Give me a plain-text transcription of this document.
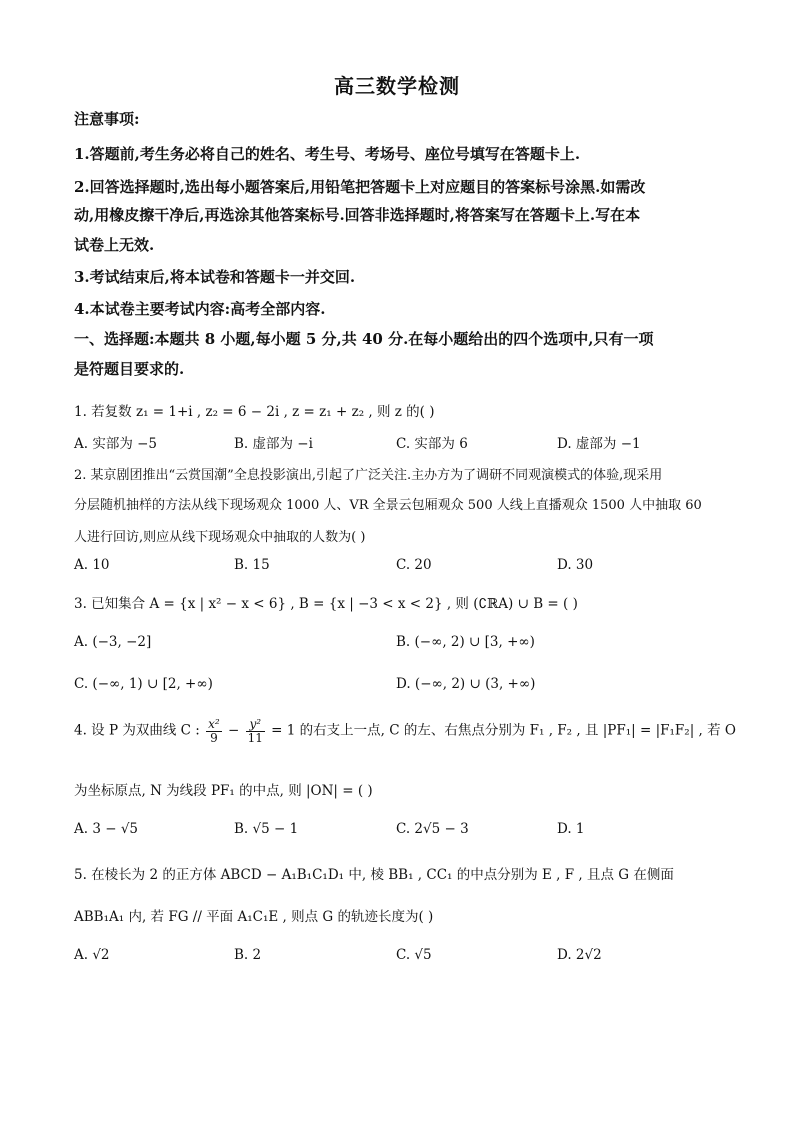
高三数学检测
注意事项:
1.答题前,考生务必将自己的姓名、考生号、考场号、座位号填写在答题卡上.
2.回答选择题时,选出每小题答案后,用铅笔把答题卡上对应题目的答案标号涂黑.如需改
动,用橡皮擦干净后,再选涂其他答案标号.回答非选择题时,将答案写在答题卡上.写在本
试卷上无效.
3.考试结束后,将本试卷和答题卡一并交回.
4.本试卷主要考试内容:高考全部内容.
一、选择题:本题共 8 小题,每小题 5 分,共 40 分.在每小题给出的四个选项中,只有一项
是符题目要求的.
1. 若复数 z₁ = 1+i , z₂ = 6 − 2i , z = z₁ + z₂ , 则 z 的( )
A. 实部为 −5	B. 虚部为 −i	C. 实部为 6	D. 虚部为 −1
2. 某京剧团推出“云赏国潮”全息投影演出,引起了广泛关注.主办方为了调研不同观演模式的体验,现采用
分层随机抽样的方法从线下现场观众 1000 人、VR 全景云包厢观众 500 人线上直播观众 1500 人中抽取 60
人进行回访,则应从线下现场观众中抽取的人数为( )
A. 10	B. 15	C. 20	D. 30
3. 已知集合 A = {x | x² − x < 6} , B = {x | −3 < x < 2} , 则 (∁ℝA) ∪ B = ( )
A. (−3, −2]	B. (−∞, 2) ∪ [3, +∞)
C. (−∞, 1) ∪ [2, +∞)	D. (−∞, 2) ∪ (3, +∞)
4. 设 P 为双曲线 C : $\frac{\text{x²}}{9} - \frac{\text{y²}}{11} = 1$ 的右支上一点, C 的左、右焦点分别为 F₁ , F₂ , 且 |PF₁| = |F₁F₂| , 若 O
为坐标原点, N 为线段 PF₁ 的中点, 则 |ON| = ( )
A. 3 − √5	B. √5 − 1	C. 2√5 − 3	D. 1
5. 在棱长为 2 的正方体 ABCD − A₁B₁C₁D₁ 中, 棱 BB₁ , CC₁ 的中点分别为 E , F , 且点 G 在侧面
ABB₁A₁ 内, 若 FG // 平面 A₁C₁E , 则点 G 的轨迹长度为( )
A. √2	B. 2	C. √5	D. 2√2
